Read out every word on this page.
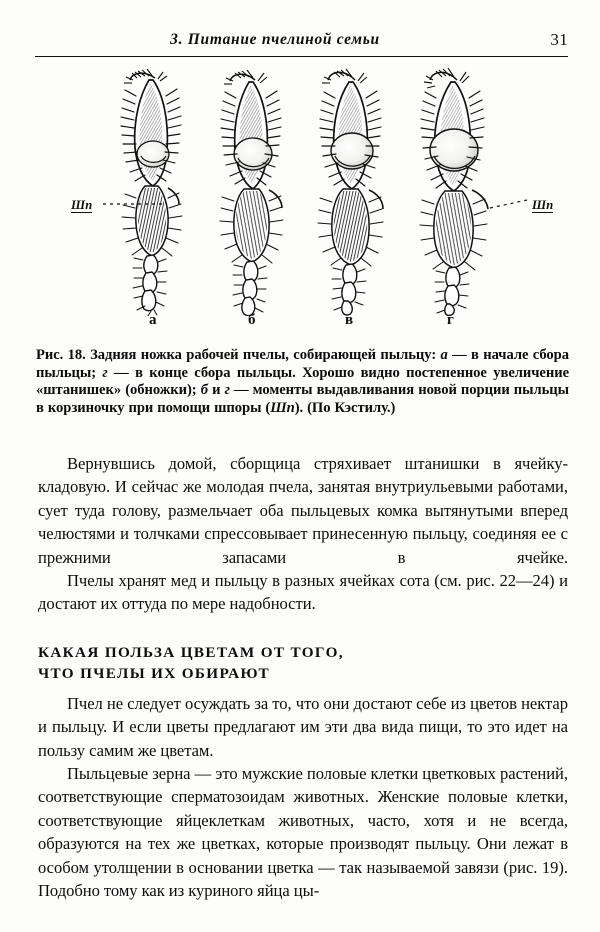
3. Питание пчелиной семьи	31
Шп	Шп
а	б	в	г
Рис. 18. Задняя ножка рабочей пчелы, собирающей пыльцу: а — в начале сбора пыльцы; г — в конце сбора пыльцы. Хорошо видно постепенное увеличение «штанишек» (обножки); б и г — моменты выдавливания новой порции пыльцы в корзиночку при помощи шпоры (Шп). (По Кэстилу.)

Вернувшись домой, сборщица стряхивает штанишки в ячейку-кладовую. И сейчас же молодая пчела, занятая внутриульевыми работами, сует туда голову, размельчает оба пыльцевых комка вытянутыми вперед челюстями и толчками спрессовывает принесенную пыльцу, соединяя ее с прежними запасами в ячейке.

Пчелы хранят мед и пыльцу в разных ячейках сота (см. рис. 22—24) и достают их оттуда по мере надобности.

КАКАЯ ПОЛЬЗА ЦВЕТАМ ОТ ТОГО,
ЧТО ПЧЕЛЫ ИХ ОБИРАЮТ

Пчел не следует осуждать за то, что они достают себе из цветов нектар и пыльцу. И если цветы предлагают им эти два вида пищи, то это идет на пользу самим же цветам.

Пыльцевые зерна — это мужские половые клетки цветковых растений, соответствующие сперматозоидам животных. Женские половые клетки, соответствующие яйцеклеткам животных, часто, хотя и не всегда, образуются на тех же цветках, которые производят пыльцу. Они лежат в особом утолщении в основании цветка — так называемой завязи (рис. 19). Подобно тому как из куриного яйца цы-
